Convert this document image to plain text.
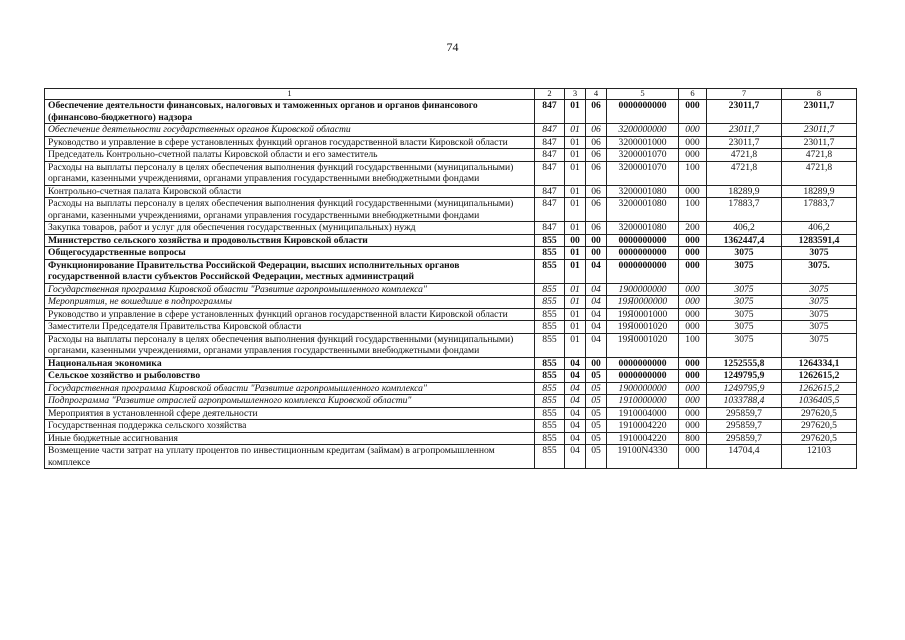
74
1	2	3	4	5	6	7	8
Обеспечение деятельности финансовых, налоговых и таможенных органов и органов финансового (финансово-бюджетного) надзора	847	01	06	0000000000	000	23011,7	23011,7
Обеспечение деятельности государственных органов Кировской области	847	01	06	3200000000	000	23011,7	23011,7
Руководство и управление в сфере установленных функций органов государственной власти Кировской области	847	01	06	3200001000	000	23011,7	23011,7
Председатель Контрольно-счетной палаты Кировской области и его заместитель	847	01	06	3200001070	000	4721,8	4721,8
Расходы на выплаты персоналу в целях обеспечения выполнения функций государственными (муниципальными) органами, казенными учреждениями, органами управления государственными внебюджетными фондами	847	01	06	3200001070	100	4721,8	4721,8
Контрольно-счетная палата Кировской области	847	01	06	3200001080	000	18289,9	18289,9
Расходы на выплаты персоналу в целях обеспечения выполнения функций государственными (муниципальными) органами, казенными учреждениями, органами управления государственными внебюджетными фондами	847	01	06	3200001080	100	17883,7	17883,7
Закупка товаров, работ и услуг для обеспечения государственных (муниципальных) нужд	847	01	06	3200001080	200	406,2	406,2
Министерство сельского хозяйства и продовольствия Кировской области	855	00	00	0000000000	000	1362447,4	1283591,4
Общегосударственные вопросы	855	01	00	0000000000	000	3075	3075
Функционирование Правительства Российской Федерации, высших исполнительных органов государственной власти субъектов Российской Федерации, местных администраций	855	01	04	0000000000	000	3075	3075.
Государственная программа Кировской области "Развитие агропромышленного комплекса"	855	01	04	1900000000	000	3075	3075
Мероприятия, не вошедшие в подпрограммы	855	01	04	19Я0000000	000	3075	3075
Руководство и управление в сфере установленных функций органов государственной власти Кировской области	855	01	04	19Я0001000	000	3075	3075
Заместители Председателя Правительства Кировской области	855	01	04	19Я0001020	000	3075	3075
Расходы на выплаты персоналу в целях обеспечения выполнения функций государственными (муниципальными) органами, казенными учреждениями, органами управления государственными внебюджетными фондами	855	01	04	19Я0001020	100	3075	3075
Национальная экономика	855	04	00	0000000000	000	1252555,8	1264334,1
Сельское хозяйство и рыболовство	855	04	05	0000000000	000	1249795,9	1262615,2
Государственная программа Кировской области "Развитие агропромышленного комплекса"	855	04	05	1900000000	000	1249795,9	1262615,2
Подпрограмма "Развитие отраслей агропромышленного комплекса Кировской области"	855	04	05	1910000000	000	1033788,4	1036405,5
Мероприятия в установленной сфере деятельности	855	04	05	1910004000	000	295859,7	297620,5
Государственная поддержка сельского хозяйства	855	04	05	1910004220	000	295859,7	297620,5
Иные бюджетные ассигнования	855	04	05	1910004220	800	295859,7	297620,5
Возмещение части затрат на уплату процентов по инвестиционным кредитам (займам) в агропромышленном комплексе	855	04	05	19100N4330	000	14704,4	12103
